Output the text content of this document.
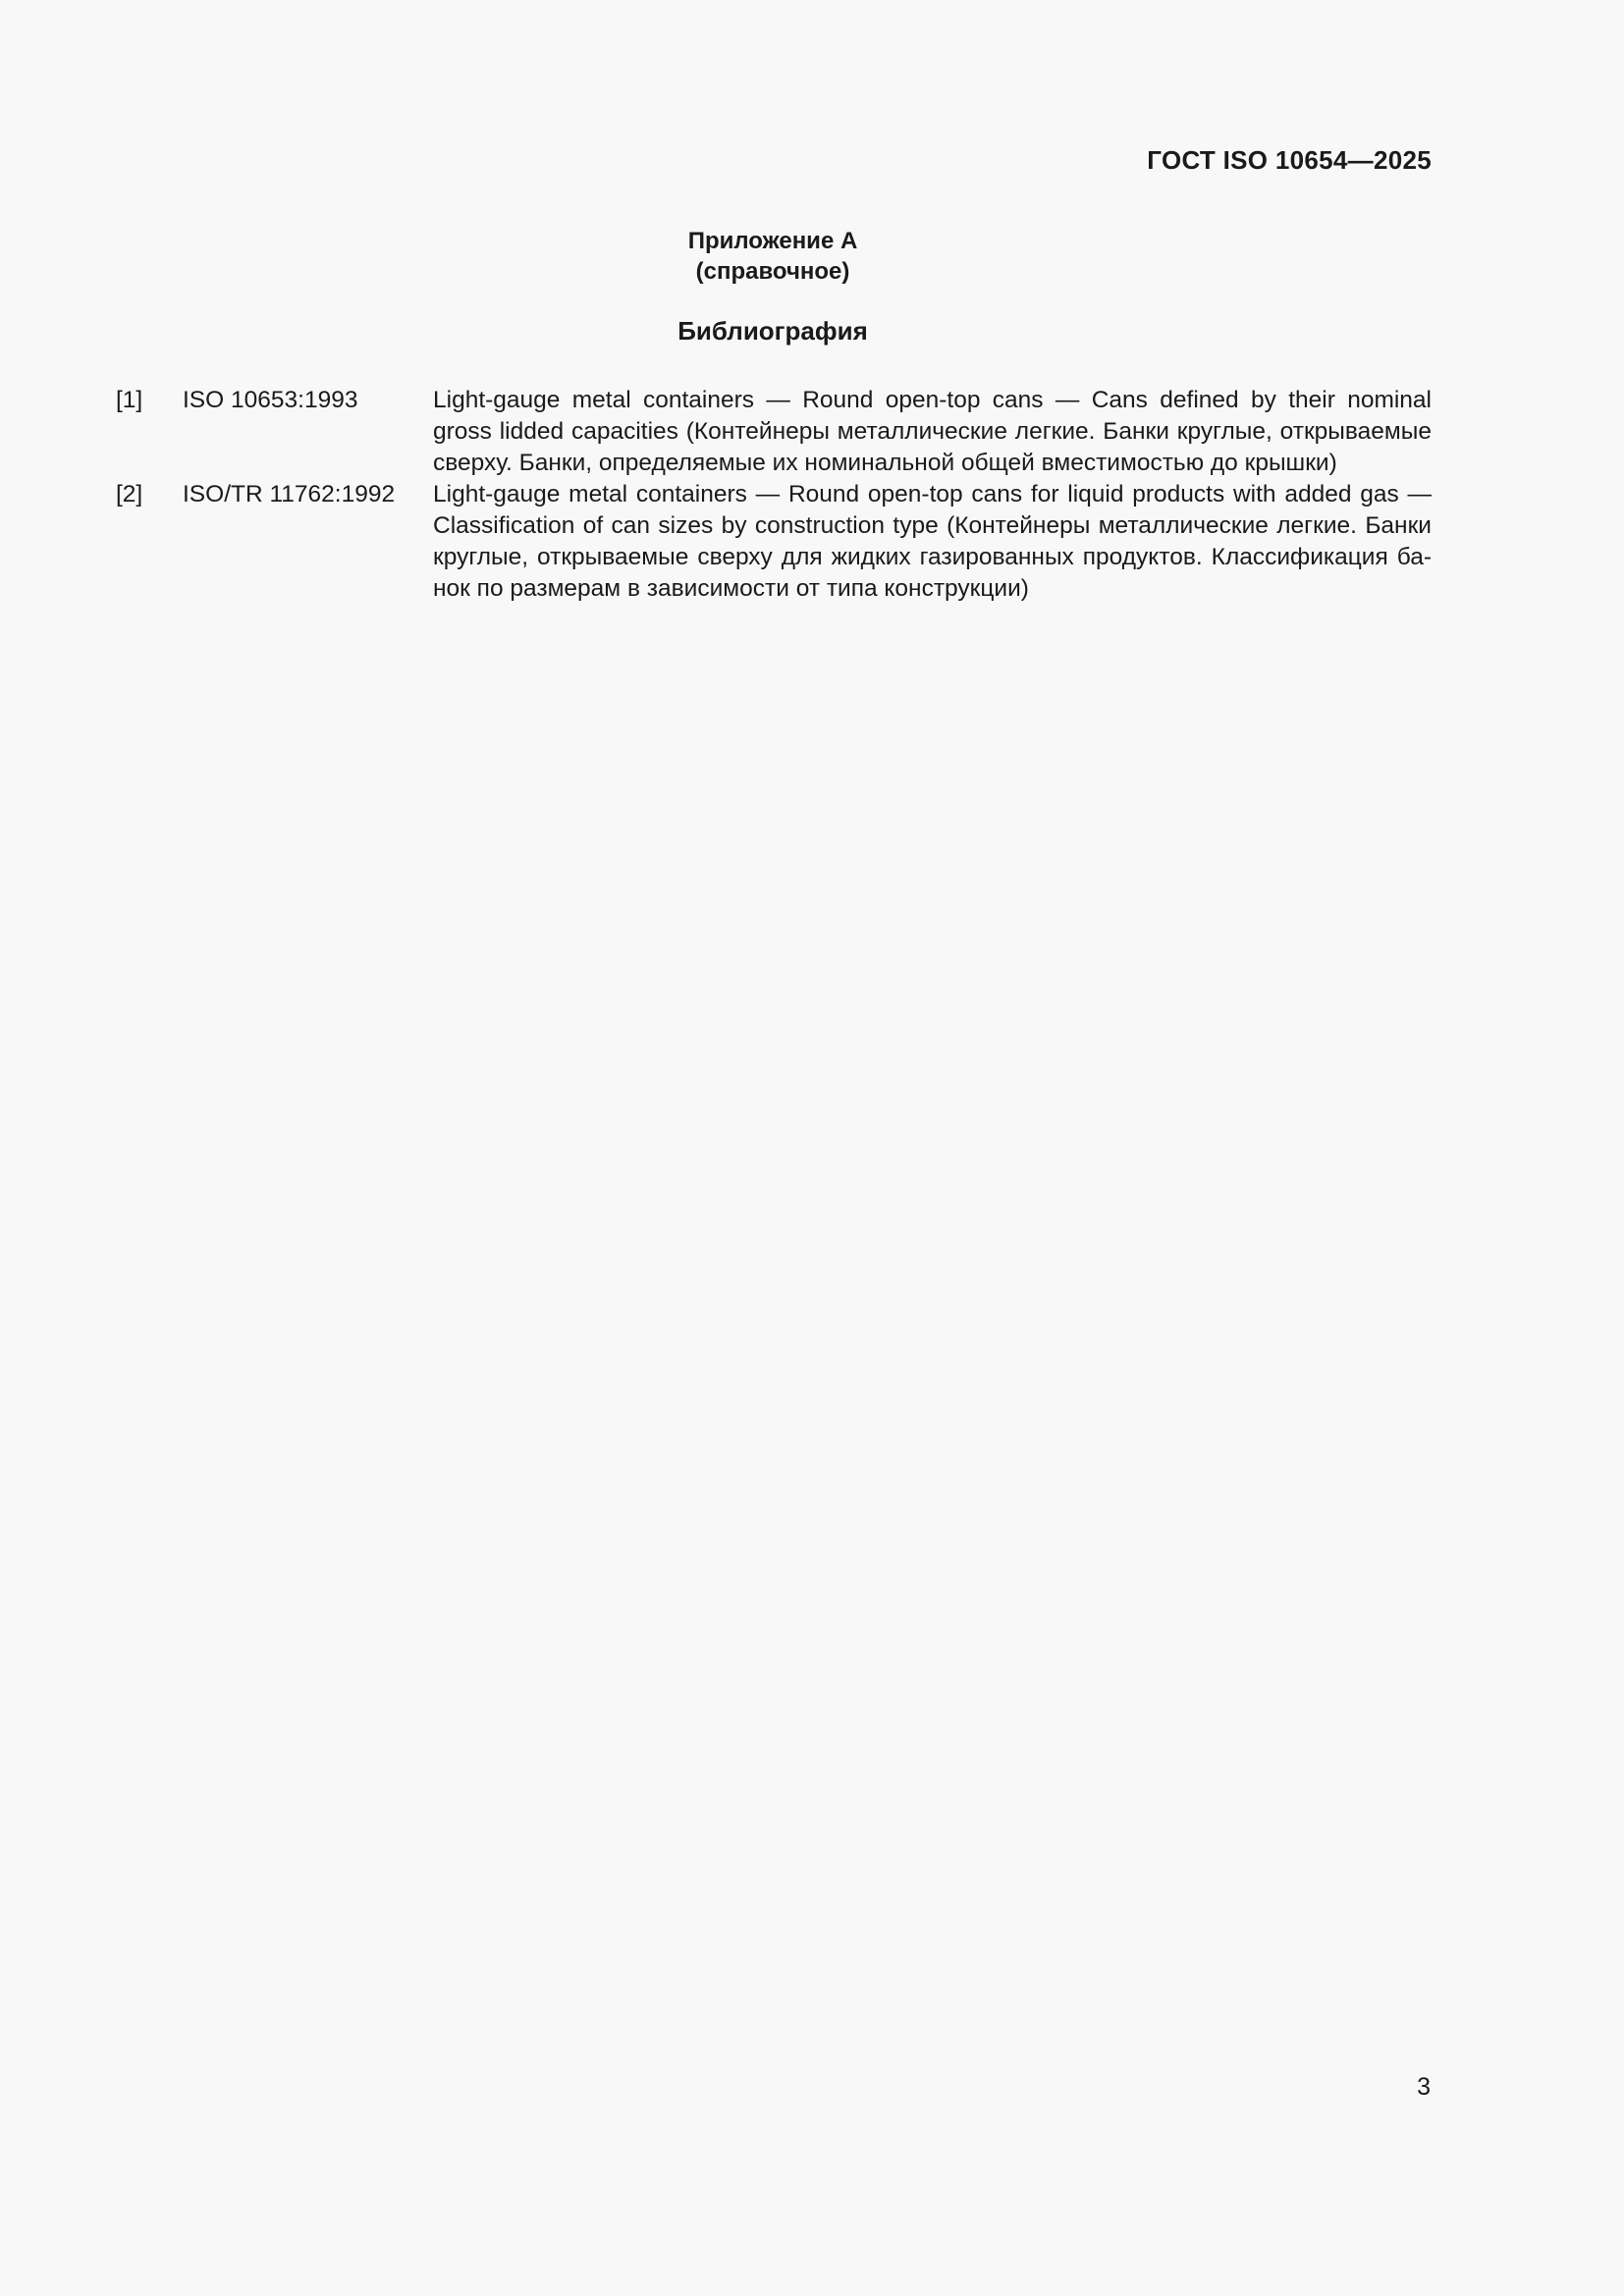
ГОСТ ISO 10654—2025
Приложение А
(справочное)
Библиография
[1] ISO 10653:1993	Light-gauge metal containers — Round open-top cans — Cans defined by their nominal gross lidded capacities (Контейнеры металлические легкие. Банки круглые, открываемые сверху. Банки, определяемые их номинальной общей вместимостью до крышки)
[2] ISO/TR 11762:1992 Light-gauge metal containers — Round open-top cans for liquid products with added gas — Classification of can sizes by construction type (Контейнеры металлические легкие. Банки круглые, открываемые сверху для жидких газированных продуктов. Классификация банок по размерам в зависимости от типа конструкции)
3
